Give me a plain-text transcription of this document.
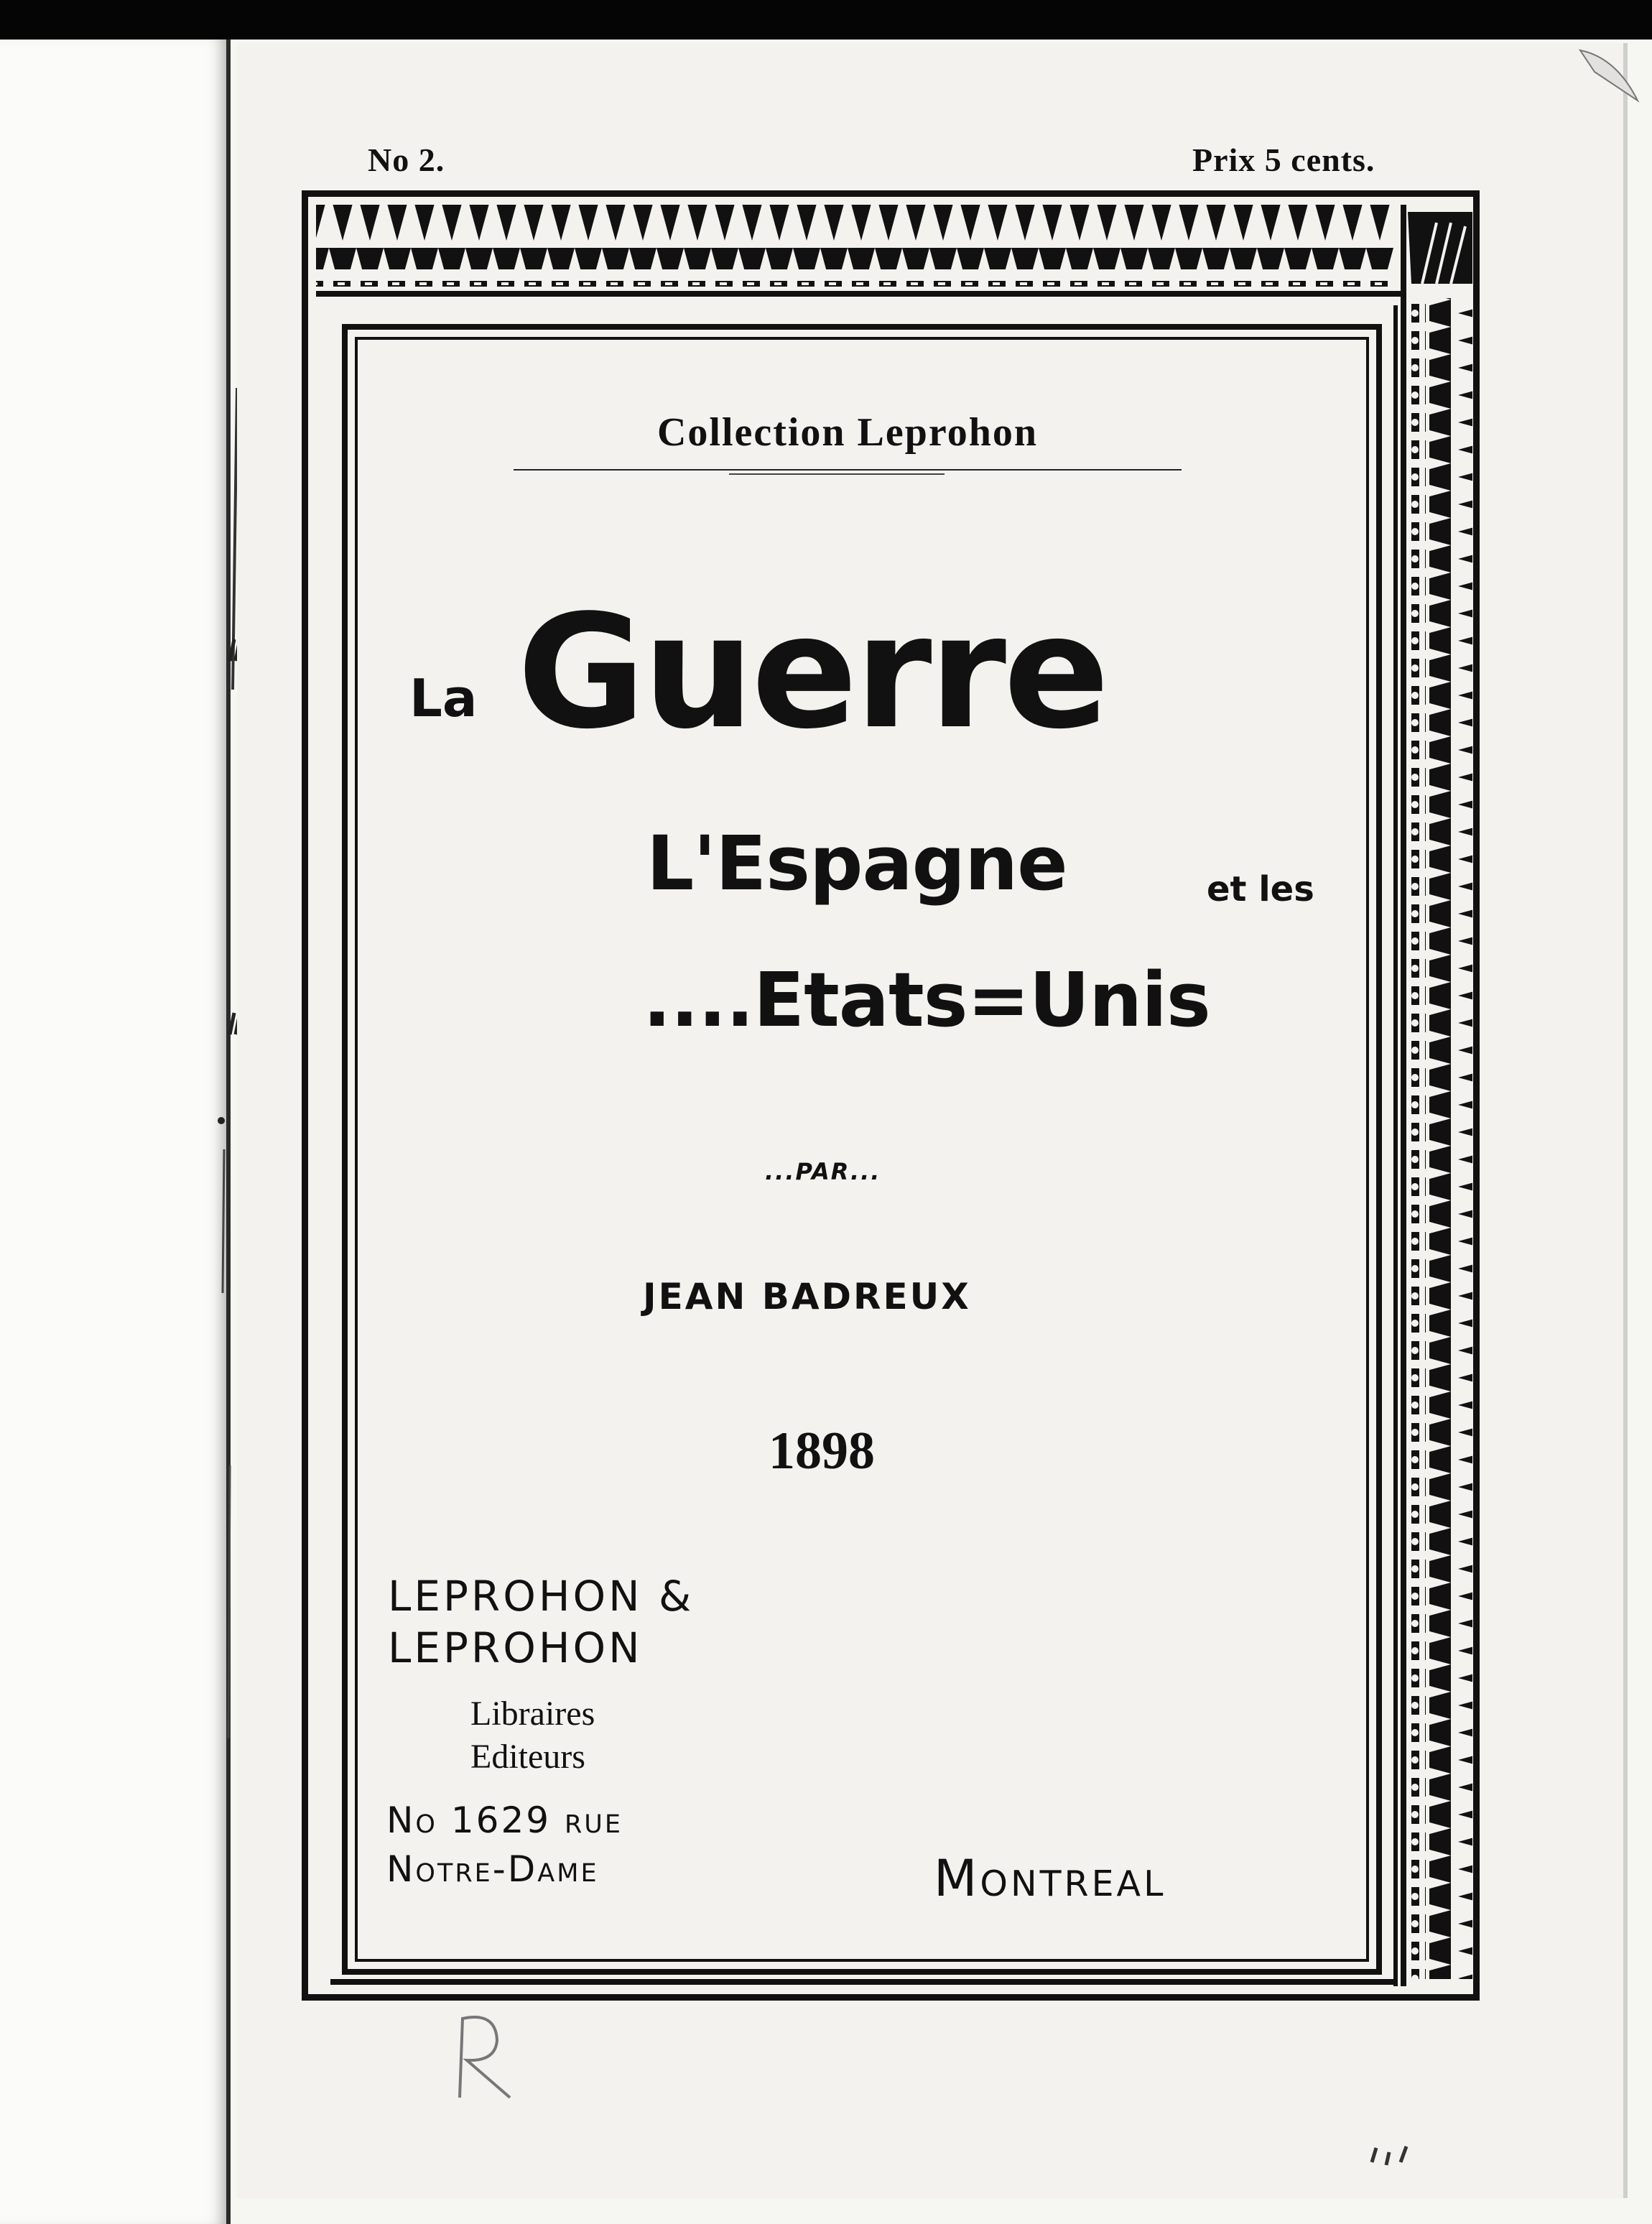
No 2.	Prix 5 cents.
Collection Leprohon
La Guerre
L'Espagne	et les
....Etats=Unis
...PAR...
JEAN BADREUX
1898
LEPROHON &
LEPROHON
Libraires
Editeurs
No 1629 rue
Notre-Dame	Montreal
